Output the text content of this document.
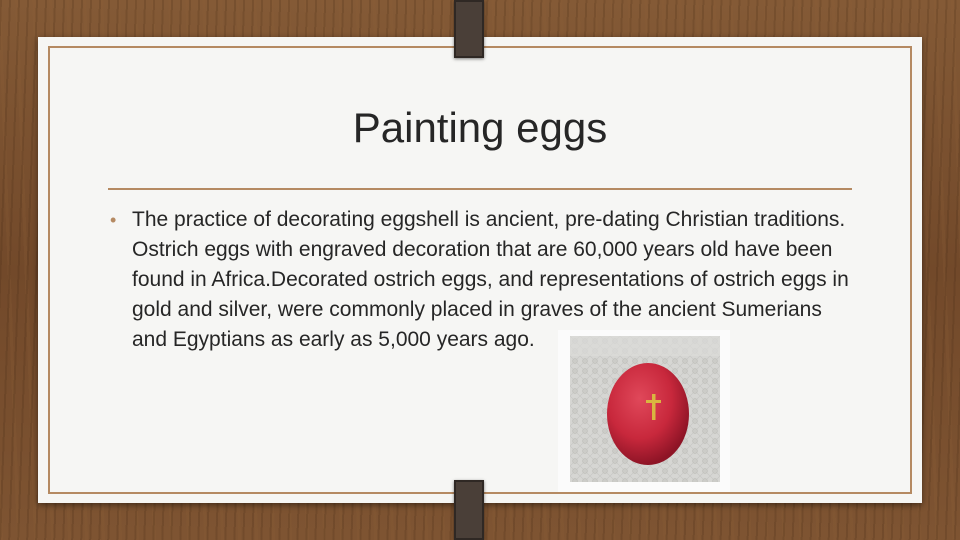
Painting eggs
• The practice of decorating eggshell is ancient, pre-dating Christian traditions. Ostrich eggs with engraved decoration that are 60,000 years old have been found in Africa.Decorated ostrich eggs, and representations of ostrich eggs in gold and silver, were commonly placed in graves of the ancient Sumerians and Egyptians as early as 5,000 years ago.
